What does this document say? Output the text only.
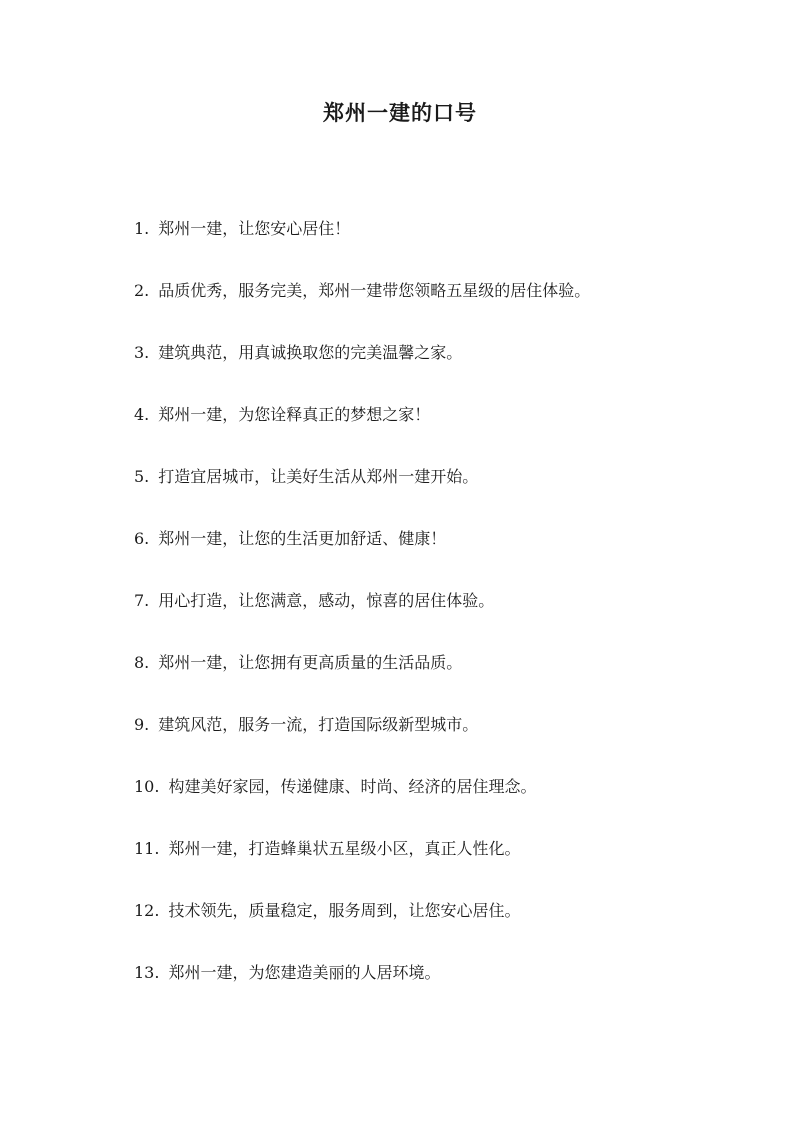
郑州一建的口号
1. 郑州一建，让您安心居住！
2. 品质优秀，服务完美，郑州一建带您领略五星级的居住体验。
3. 建筑典范，用真诚换取您的完美温馨之家。
4. 郑州一建，为您诠释真正的梦想之家！
5. 打造宜居城市，让美好生活从郑州一建开始。
6. 郑州一建，让您的生活更加舒适、健康！
7. 用心打造，让您满意，感动，惊喜的居住体验。
8. 郑州一建，让您拥有更高质量的生活品质。
9. 建筑风范，服务一流，打造国际级新型城市。
10. 构建美好家园，传递健康、时尚、经济的居住理念。
11. 郑州一建，打造蜂巢状五星级小区，真正人性化。
12. 技术领先，质量稳定，服务周到，让您安心居住。
13. 郑州一建，为您建造美丽的人居环境。
